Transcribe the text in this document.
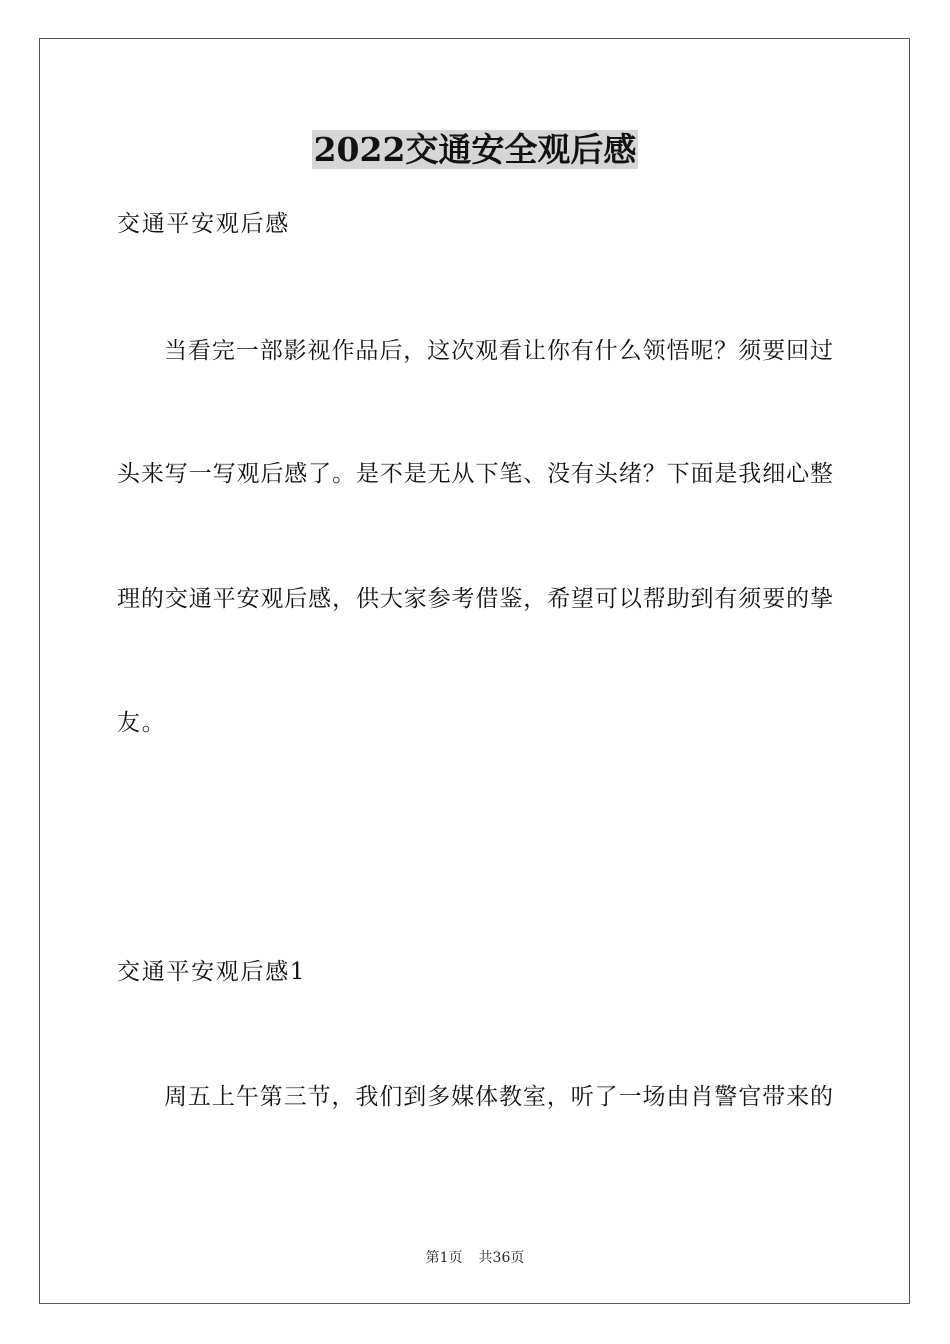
2022交通安全观后感
交通平安观后感
当看完一部影视作品后，这次观看让你有什么领悟呢？须要回过
头来写一写观后感了。是不是无从下笔、没有头绪？下面是我细心整
理的交通平安观后感，供大家参考借鉴，希望可以帮助到有须要的挚
友。
交通平安观后感1
周五上午第三节，我们到多媒体教室，听了一场由肖警官带来的
第1页 共36页
